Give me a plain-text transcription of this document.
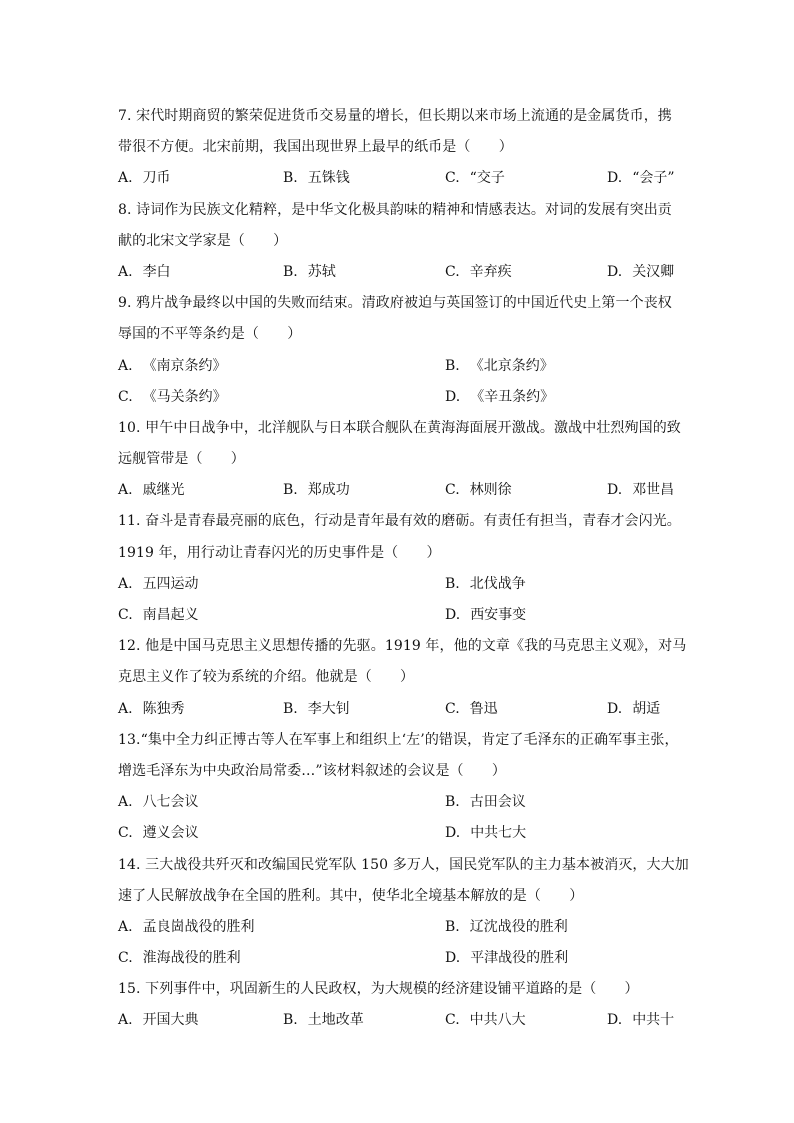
7. 宋代时期商贸的繁荣促进货币交易量的增长，但长期以来市场上流通的是金属货币，携
带很不方便。北宋前期，我国出现世界上最早的纸币是（　　）
A. 刀币	B. 五铢钱	C. “交子	D. “会子”
8. 诗词作为民族文化精粹，是中华文化极具韵味的精神和情感表达。对词的发展有突出贡
献的北宋文学家是（　　）
A. 李白	B. 苏轼	C. 辛弃疾	D. 关汉卿
9. 鸦片战争最终以中国的失败而结束。清政府被迫与英国签订的中国近代史上第一个丧权
辱国的不平等条约是（　　）
A. 《南京条约》	B. 《北京条约》
C. 《马关条约》	D. 《辛丑条约》
10. 甲午中日战争中，北洋舰队与日本联合舰队在黄海海面展开激战。激战中壮烈殉国的致
远舰管带是（　　）
A. 戚继光	B. 郑成功	C. 林则徐	D. 邓世昌
11. 奋斗是青春最亮丽的底色，行动是青年最有效的磨砺。有责任有担当，青春才会闪光。
1919 年，用行动让青春闪光的历史事件是（　　）
A. 五四运动	B. 北伐战争
C. 南昌起义	D. 西安事变
12. 他是中国马克思主义思想传播的先驱。1919 年，他的文章《我的马克思主义观》，对马
克思主义作了较为系统的介绍。他就是（　　）
A. 陈独秀	B. 李大钊	C. 鲁迅	D. 胡适
13.“集中全力纠正博古等人在军事上和组织上‘左’的错误，肯定了毛泽东的正确军事主张，
增选毛泽东为中央政治局常委…”该材料叙述的会议是（　　）
A. 八七会议	B. 古田会议
C. 遵义会议	D. 中共七大
14. 三大战役共歼灭和改编国民党军队 150 多万人，国民党军队的主力基本被消灭，大大加
速了人民解放战争在全国的胜利。其中，使华北全境基本解放的是（　　）
A. 孟良崮战役的胜利	B. 辽沈战役的胜利
C. 淮海战役的胜利	D. 平津战役的胜利
15. 下列事件中，巩固新生的人民政权，为大规模的经济建设铺平道路的是（　　）
A. 开国大典	B. 土地改革	C. 中共八大	D. 中共十
